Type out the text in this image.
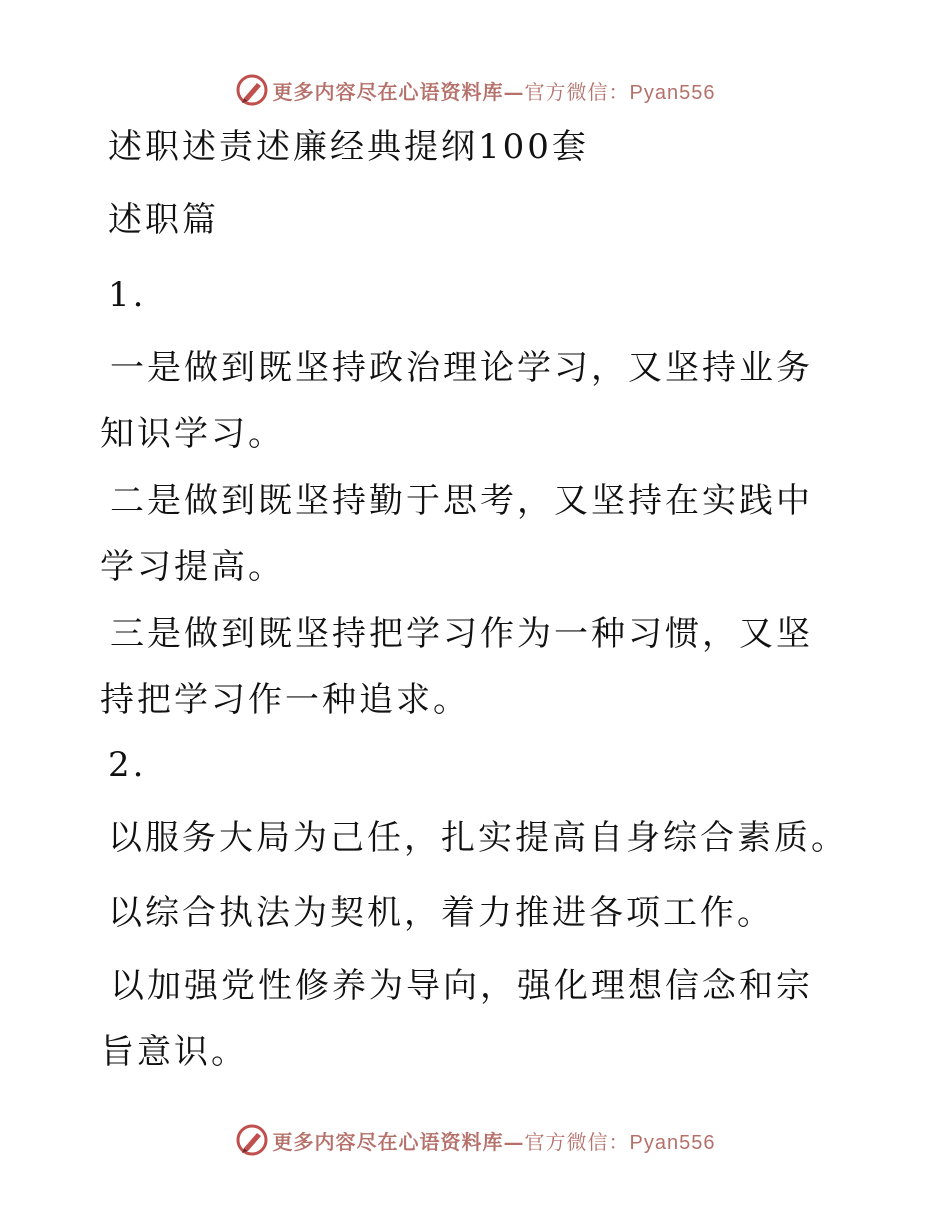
更多内容尽在心语资料库—官方微信：Pyan556
述职述责述廉经典提纲100套
述职篇
1.
一是做到既坚持政治理论学习，又坚持业务知识学习。
二是做到既坚持勤于思考，又坚持在实践中学习提高。
三是做到既坚持把学习作为一种习惯，又坚持把学习作一种追求。
2.
以服务大局为己任，扎实提高自身综合素质。
以综合执法为契机，着力推进各项工作。
以加强党性修养为导向，强化理想信念和宗旨意识。
更多内容尽在心语资料库—官方微信：Pyan556
